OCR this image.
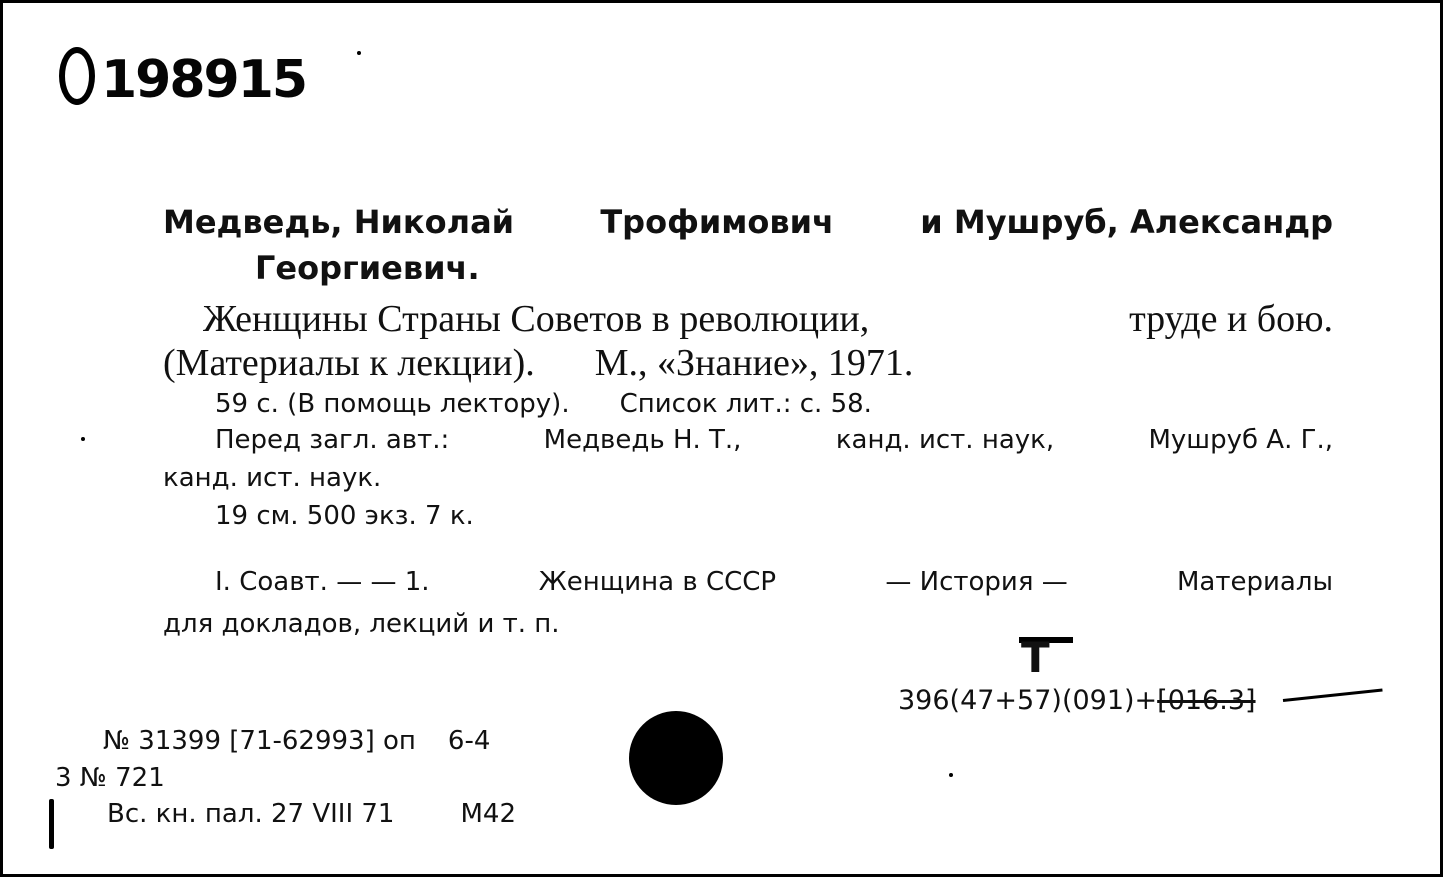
198915
Медведь, Николай	Трофимович	и Мушруб, Александр
Георгиевич.
Женщины Страны Советов в революции,	труде и бою.
(Материалы к лекции). М., «Знание», 1971.
59 с. (В помощь лектору). Список лит.: с. 58.
Перед загл. авт.:	Медведь Н. Т.,	канд. ист. наук,	Мушруб А. Г.,
канд. ист. наук.
19 см. 500 экз. 7 к.
I. Соавт. — — 1.	Женщина в СССР	— История —	Материалы
для докладов, лекций и т. п.
Т
396(47+57)(091)+[016.3]
№ 31399 [71-62993] оп 6-4
3 № 721
Вс. кн. пал. 27 VIII 71	М42
